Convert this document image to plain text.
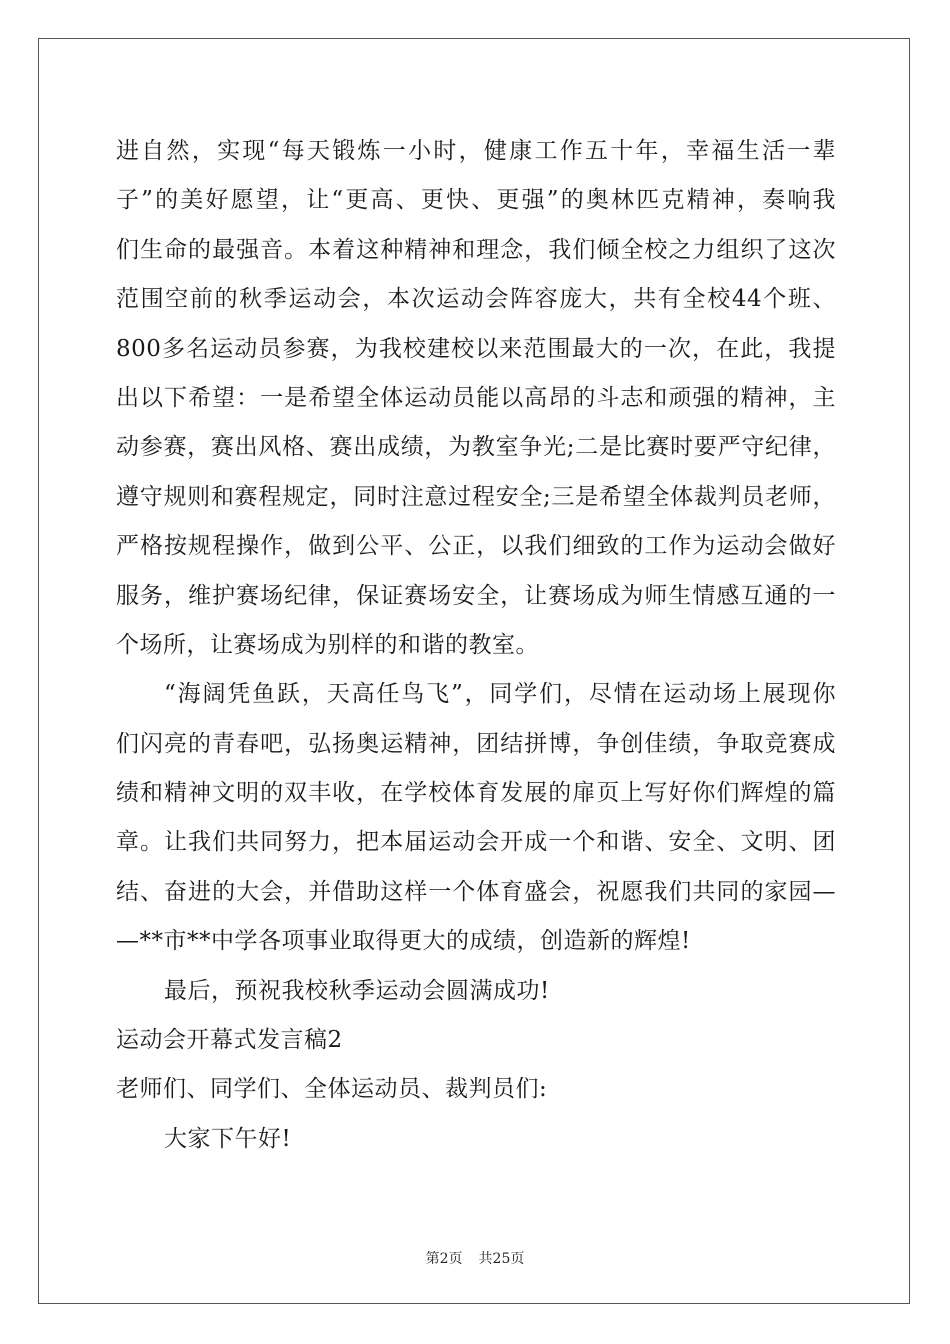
进自然，实现“每天锻炼一小时，健康工作五十年，幸福生活一辈
子”的美好愿望，让“更高、更快、更强”的奥林匹克精神，奏响我
们生命的最强音。本着这种精神和理念，我们倾全校之力组织了这次
范围空前的秋季运动会，本次运动会阵容庞大，共有全校44个班、
800多名运动员参赛，为我校建校以来范围最大的一次，在此，我提
出以下希望：一是希望全体运动员能以高昂的斗志和顽强的精神，主
动参赛，赛出风格、赛出成绩，为教室争光;二是比赛时要严守纪律，
遵守规则和赛程规定，同时注意过程安全;三是希望全体裁判员老师，
严格按规程操作，做到公平、公正，以我们细致的工作为运动会做好
服务，维护赛场纪律，保证赛场安全，让赛场成为师生情感互通的一
个场所，让赛场成为别样的和谐的教室。
“海阔凭鱼跃，天高任鸟飞”，同学们，尽情在运动场上展现你
们闪亮的青春吧，弘扬奥运精神，团结拼博，争创佳绩，争取竞赛成
绩和精神文明的双丰收，在学校体育发展的扉页上写好你们辉煌的篇
章。让我们共同努力，把本届运动会开成一个和谐、安全、文明、团
结、奋进的大会，并借助这样一个体育盛会，祝愿我们共同的家园—
—**市**中学各项事业取得更大的成绩，创造新的辉煌!
最后，预祝我校秋季运动会圆满成功!
运动会开幕式发言稿2
老师们、同学们、全体运动员、裁判员们:
大家下午好!
第2页 共25页
